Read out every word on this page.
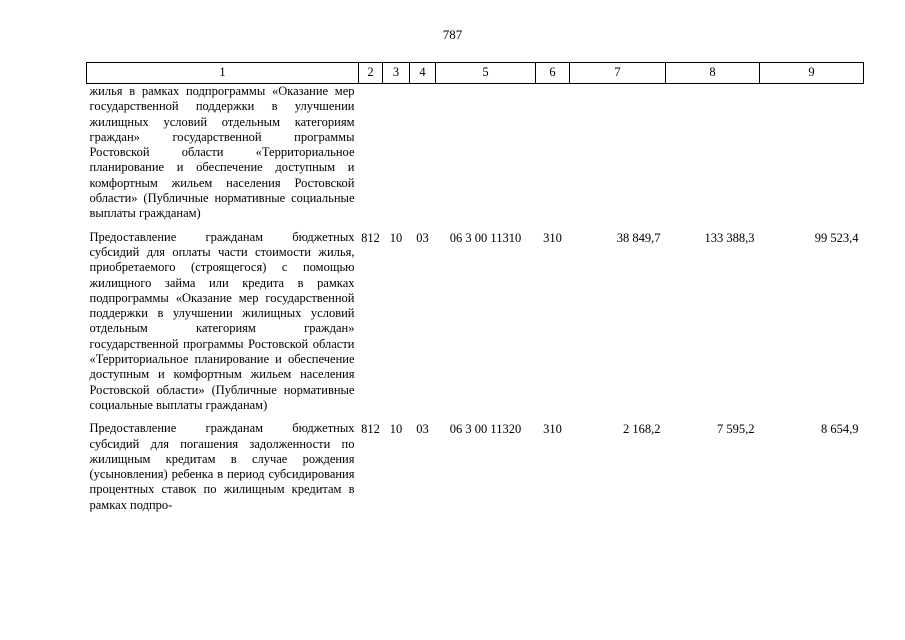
787
1	2	3	4	5	6	7	8	9
жилья в рамках подпрограммы «Оказание мер государственной поддержки в улучшении жилищных условий отдельным категориям граждан» государственной программы Ростовской области «Территориальное планирование и обеспечение доступным и комфортным жильем населения Ростовской области» (Публичные нормативные социальные выплаты гражданам)								
Предоставление гражданам бюджетных субсидий для оплаты части стоимости жилья, приобретаемого (строящегося) с помощью жилищного займа или кредита в рамках подпрограммы «Оказание мер государственной поддержки в улучшении жилищных условий отдельным категориям граждан» государственной программы Ростовской области «Территориальное планирование и обеспечение доступным и комфортным жильем населения Ростовской области» (Публичные нормативные социальные выплаты гражданам)	812	10	03	06 3 00 11310	310	38 849,7	133 388,3	99 523,4
Предоставление гражданам бюджетных субсидий для погашения задолженности по жилищным кредитам в случае рождения (усыновления) ребенка в период субсидирования процентных ставок по жилищным кредитам в рамках подпро-	812	10	03	06 3 00 11320	310	2 168,2	7 595,2	8 654,9
